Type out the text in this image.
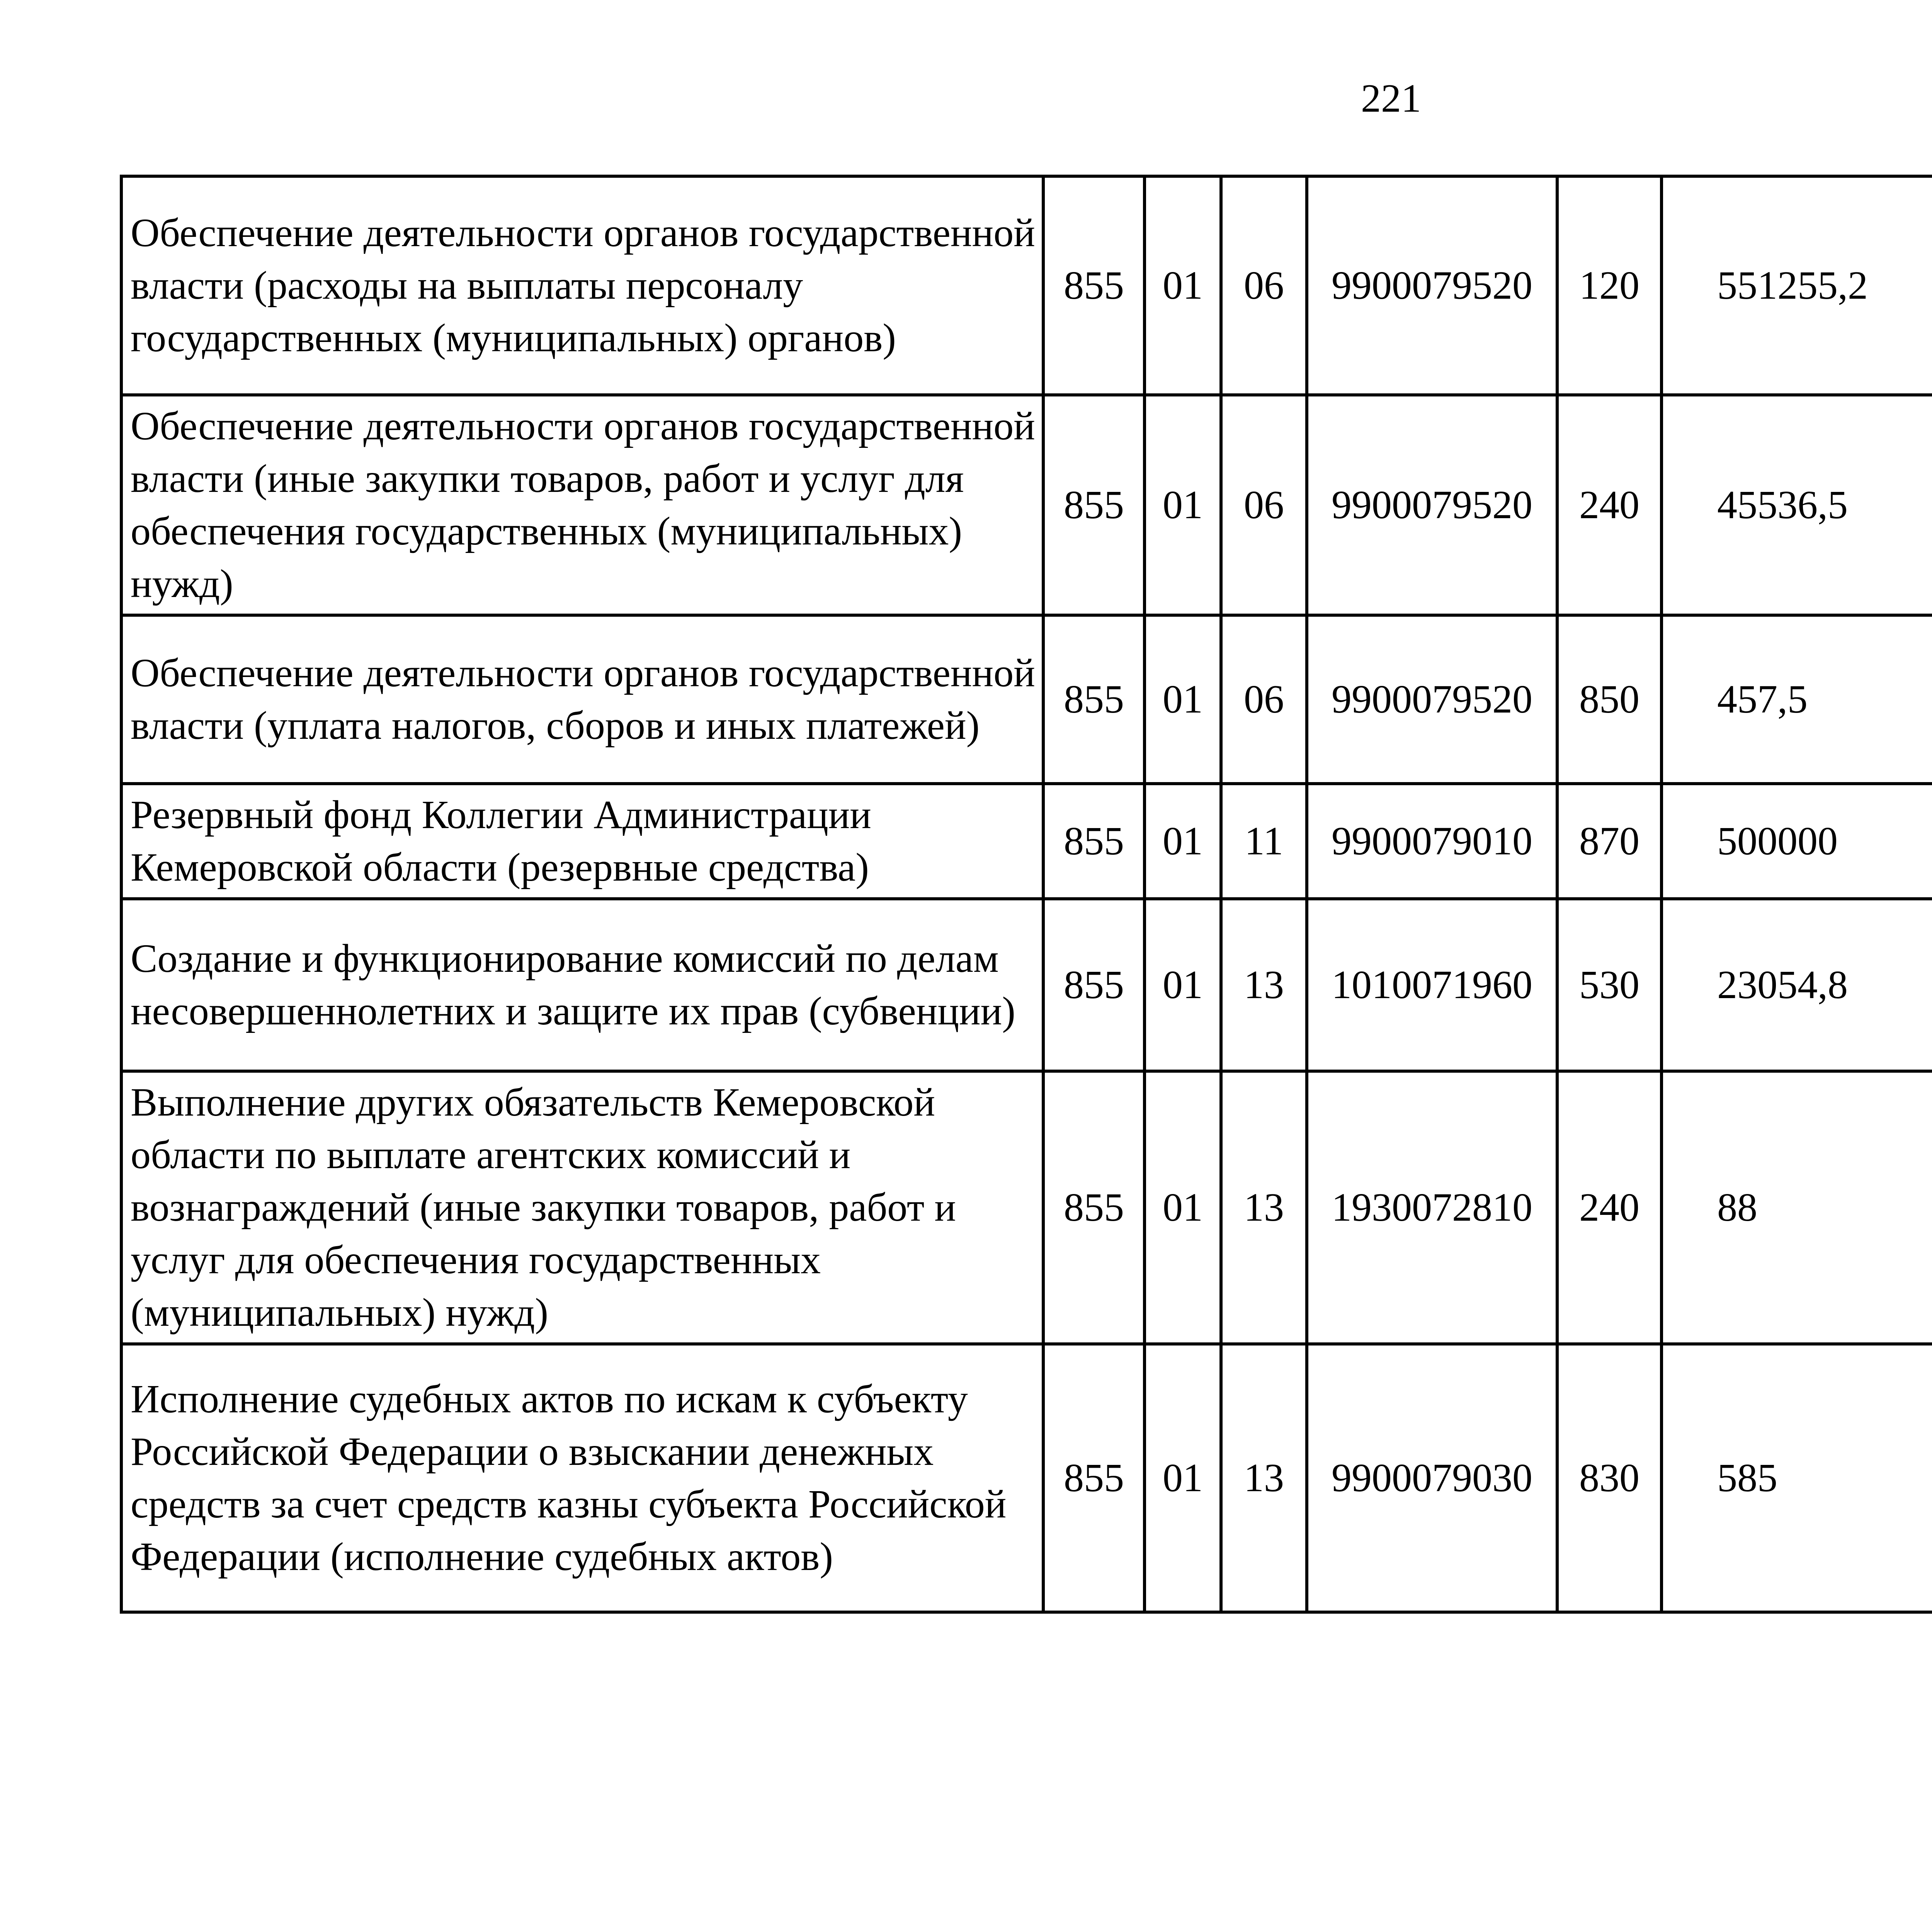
221
Обеспечение деятельности органов государственной власти (расходы на выплаты персоналу государственных (муниципальных) органов)	855	01	06	9900079520	120	551255,2		
Обеспечение деятельности органов государственной власти (иные закупки товаров, работ и услуг для обеспечения государственных (муниципальных) нужд)	855	01	06	9900079520	240	45536,5		
Обеспечение деятельности органов государственной власти (уплата налогов, сборов и иных платежей)	855	01	06	9900079520	850	457,5		
Резервный фонд Коллегии Администрации Кемеровской области (резервные средства)	855	01	11	9900079010	870	500000		
Создание и функционирование комиссий по делам несовершеннолетних и защите их прав (субвенции)	855	01	13	1010071960	530	23054,8		
Выполнение других обязательств Кемеровской области по выплате агентских комиссий и вознаграждений (иные закупки товаров, работ и услуг для обеспечения государственных (муниципальных) нужд)	855	01	13	1930072810	240	88		
Исполнение судебных актов по искам к субъекту Российской Федерации о взыскании денежных средств за счет средств казны субъекта Российской Федерации (исполнение судебных актов)	855	01	13	9900079030	830	585		
